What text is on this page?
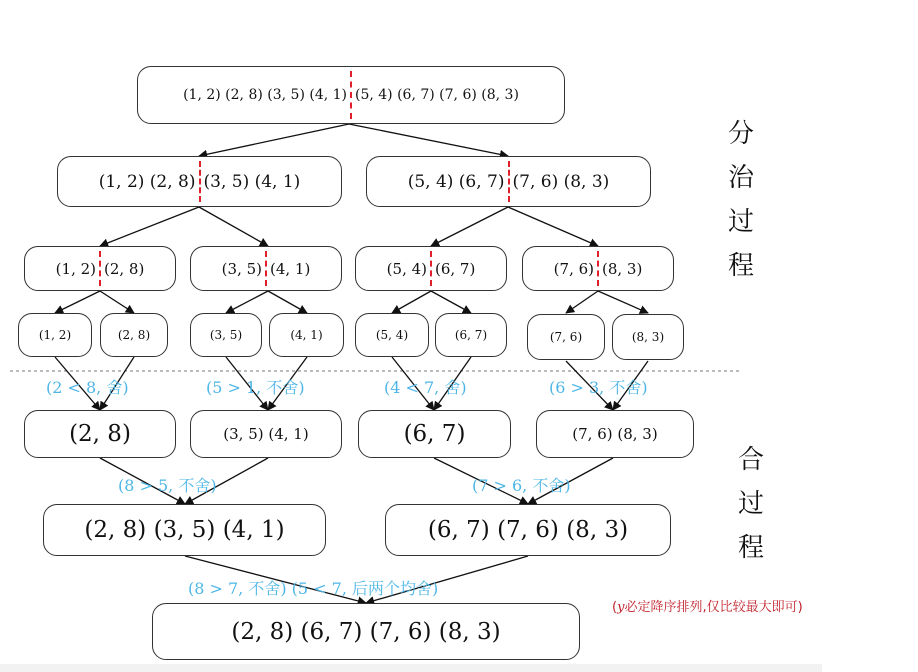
(1, 2) (2, 8) (3, 5) (4, 1) (5, 4) (6, 7) (7, 6) (8, 3)
(1, 2) (2, 8) (3, 5) (4, 1)	(5, 4) (6, 7) (7, 6) (8, 3)
(1, 2) (2, 8)	(3, 5) (4, 1)	(5, 4) (6, 7)	(7, 6) (8, 3)
(1, 2)	(2, 8)	(3, 5)	(4, 1)	(5, 4)	(6, 7)	(7, 6)	(8, 3)
(2 < 8, 舍)	(5 > 1, 不舍)	(4 < 7, 舍)	(6 > 3, 不舍)
(2, 8)	(3, 5) (4, 1)	(6, 7)	(7, 6) (8, 3)
(8 > 5, 不舍)	(7 > 6, 不舍)
(2, 8) (3, 5) (4, 1)	(6, 7) (7, 6) (8, 3)
(8 > 7, 不舍) (5 < 7, 后两个均舍)
(2, 8) (6, 7) (7, 6) (8, 3)
分
治
过
程
合
过
程
(y必定降序排列,仅比较最大即可)
